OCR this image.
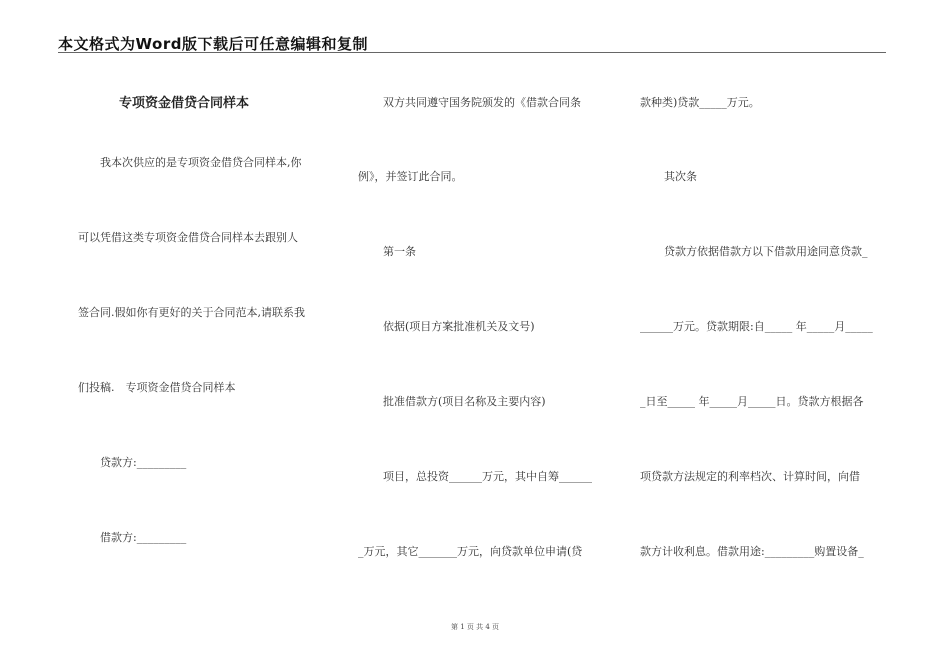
本文格式为Word版下载后可任意编辑和复制
专项资金借贷合同样本
我本次供应的是专项资金借贷合同样本,你
可以凭借这类专项资金借贷合同样本去跟别人
签合同.假如你有更好的关于合同范本,请联系我
们投稿.　专项资金借贷合同样本
贷款方:_________
借款方:_________
双方共同遵守国务院颁发的《借款合同条
例》，并签订此合同。
第一条
依据(项目方案批准机关及文号)
批准借款方(项目名称及主要内容)
项目，总投资______万元，其中自筹______
_万元，其它_______万元，向贷款单位申请(贷
款种类)贷款_____万元。
其次条
贷款方依据借款方以下借款用途同意贷款_
______万元。贷款期限:自_____ 年_____月_____
_日至_____ 年_____月_____日。贷款方根据各
项贷款方法规定的利率档次、计算时间，向借
款方计收利息。借款用途:_________购置设备_
第 1 页 共 4 页
